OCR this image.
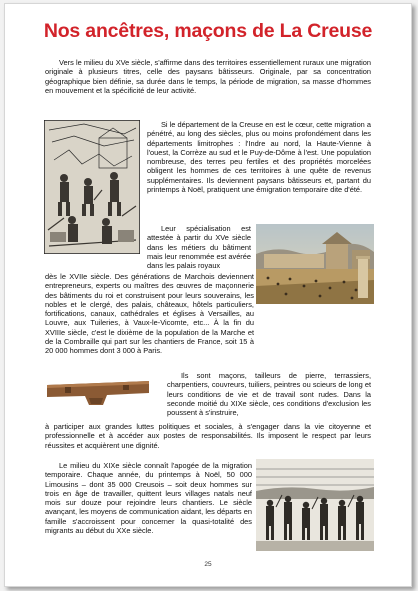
Nos ancêtres, maçons de La Creuse

Vers le milieu du XVe siècle, s'affirme dans des territoires essentiellement ruraux une migration originale à plusieurs titres, celle des paysans bâtisseurs. Originale, par sa concentration géographique bien définie, sa durée dans le temps, la période de migration, sa masse d'hommes en mouvement et la spécificité de leur activité.

Si le département de la Creuse en est le cœur, cette migration a pénétré, au long des siècles, plus ou moins profondément dans les départements limitrophes : l'Indre au nord, la Haute-Vienne à l'ouest, la Corrèze au sud et le Puy-de-Dôme à l'est. Une population nombreuse, des terres peu fertiles et des propriétés morcelées obligent les hommes de ces territoires à une quête de revenus supplémentaires. Ils deviennent paysans bâtisseurs et, partant du printemps à Noël, pratiquent une émigration temporaire dite d'été.

Leur spécialisation est attestée à partir du XVe siècle dans les métiers du bâtiment mais leur renommée est avérée dans les palais royaux

dès le XVIIe siècle. Des générations de Marchois deviennent entrepreneurs, experts ou maîtres des œuvres de maçonnerie des bâtiments du roi et construisent pour leurs souverains, les nobles et le clergé, des palais, châteaux, hôtels particuliers, fortifications, canaux, cathédrales et églises à Versailles, au Louvre, aux Tuileries, à Vaux-le-Vicomte, etc... À la fin du XVIIIe siècle, c'est le dixième de la population de la Marche et de la Combraille qui part sur les chantiers de France, soit 15 à 20 000 hommes dont 3 000 à Paris.

Ils sont maçons, tailleurs de pierre, terrassiers, charpentiers, couvreurs, tuiliers, peintres ou scieurs de long et leurs conditions de vie et de travail sont rudes. Dans la seconde moitié du XIXe siècle, ces conditions d'exclusion les poussent à s'instruire,

à participer aux grandes luttes politiques et sociales, à s'engager dans la vie citoyenne et professionnelle et à accéder aux postes de responsabilités. Ils imposent le respect par leurs réussites et acquièrent une dignité.

Le milieu du XIXe siècle connaît l'apogée de la migration temporaire. Chaque année, du printemps à Noël, 50 000 Limousins – dont 35 000 Creusois – soit deux hommes sur trois en âge de travailler, quittent leurs villages natals neuf mois sur douze pour rejoindre leurs chantiers. Le siècle avançant, les moyens de communication aidant, les départs en famille s'accroissent pour concerner la quasi-totalité des migrants au début du XXe siècle.

25
